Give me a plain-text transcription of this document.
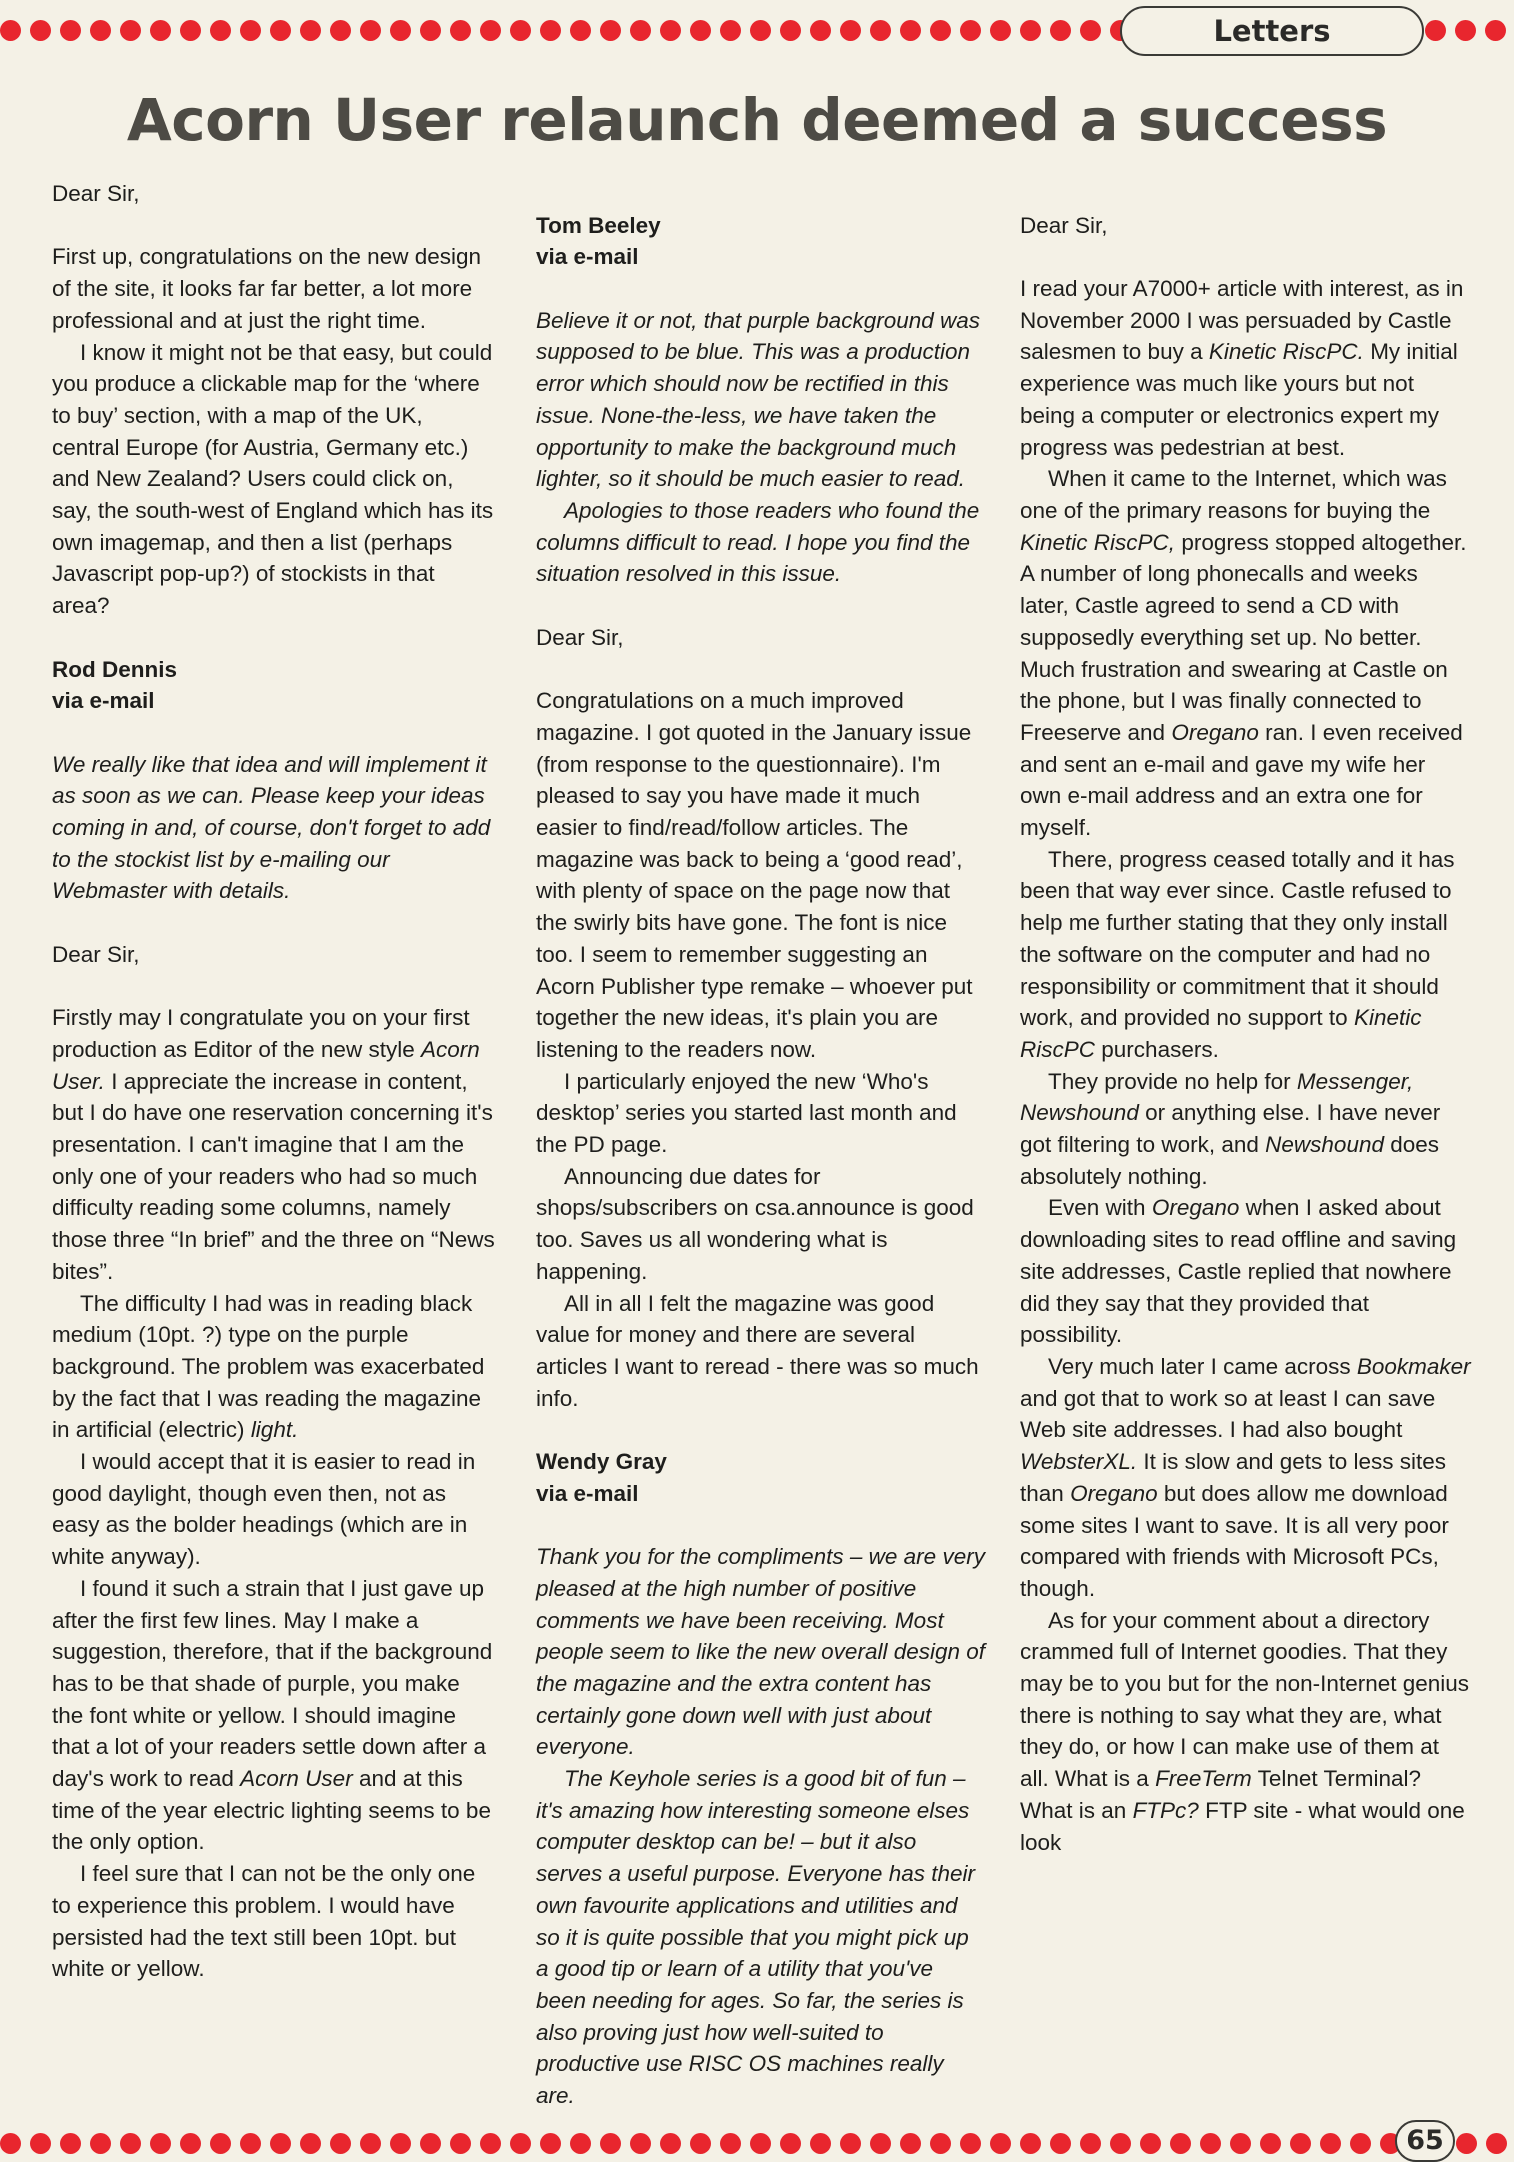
Letters
Acorn User relaunch deemed a success

Dear Sir,

First up, congratulations on the new design of the site, it looks far far better, a lot more professional and at just the right time.

I know it might not be that easy, but could you produce a clickable map for the ‘where to buy’ section, with a map of the UK, central Europe (for Austria, Germany etc.) and New Zealand? Users could click on, say, the south-west of England which has its own imagemap, and then a list (perhaps Javascript pop-up?) of stockists in that area?

Rod Dennis

via e-mail

We really like that idea and will implement it as soon as we can. Please keep your ideas coming in and, of course, don't forget to add to the stockist list by e-mailing our Webmaster with details.

Dear Sir,

Firstly may I congratulate you on your first production as Editor of the new style Acorn User. I appreciate the increase in content, but I do have one reservation concerning it's presentation. I can't imagine that I am the only one of your readers who had so much difficulty reading some columns, namely those three “In brief” and the three on “News bites”.

The difficulty I had was in reading black medium (10pt. ?) type on the purple background. The problem was exacerbated by the fact that I was reading the magazine in artificial (electric) light.

I would accept that it is easier to read in good daylight, though even then, not as easy as the bolder headings (which are in white anyway).

I found it such a strain that I just gave up after the first few lines. May I make a suggestion, therefore, that if the background has to be that shade of purple, you make the font white or yellow. I should imagine that a lot of your readers settle down after a day's work to read Acorn User and at this time of the year electric lighting seems to be the only option.

I feel sure that I can not be the only one to experience this problem. I would have persisted had the text still been 10pt. but white or yellow.

Tom Beeley

via e-mail

Believe it or not, that purple background was supposed to be blue. This was a production error which should now be rectified in this issue. None-the-less, we have taken the opportunity to make the background much lighter, so it should be much easier to read.

Apologies to those readers who found the columns difficult to read. I hope you find the situation resolved in this issue.

Dear Sir,

Congratulations on a much improved magazine. I got quoted in the January issue (from response to the questionnaire). I'm pleased to say you have made it much easier to find/read/follow articles. The magazine was back to being a ‘good read’, with plenty of space on the page now that the swirly bits have gone. The font is nice too. I seem to remember suggesting an Acorn Publisher type remake – whoever put together the new ideas, it's plain you are listening to the readers now.

I particularly enjoyed the new ‘Who's desktop’ series you started last month and the PD page.

Announcing due dates for shops/subscribers on csa.announce is good too. Saves us all wondering what is happening.

All in all I felt the magazine was good value for money and there are several articles I want to reread - there was so much info.

Wendy Gray

via e-mail

Thank you for the compliments – we are very pleased at the high number of positive comments we have been receiving. Most people seem to like the new overall design of the magazine and the extra content has certainly gone down well with just about everyone.

The Keyhole series is a good bit of fun – it's amazing how interesting someone elses computer desktop can be! – but it also serves a useful purpose. Everyone has their own favourite applications and utilities and so it is quite possible that you might pick up a good tip or learn of a utility that you've been needing for ages. So far, the series is also proving just how well-suited to productive use RISC OS machines really are.

Dear Sir,

I read your A7000+ article with interest, as in November 2000 I was persuaded by Castle salesmen to buy a Kinetic RiscPC. My initial experience was much like yours but not being a computer or electronics expert my progress was pedestrian at best.

When it came to the Internet, which was one of the primary reasons for buying the Kinetic RiscPC, progress stopped altogether. A number of long phonecalls and weeks later, Castle agreed to send a CD with supposedly everything set up. No better. Much frustration and swearing at Castle on the phone, but I was finally connected to Freeserve and Oregano ran. I even received and sent an e-mail and gave my wife her own e-mail address and an extra one for myself.

There, progress ceased totally and it has been that way ever since. Castle refused to help me further stating that they only install the software on the computer and had no responsibility or commitment that it should work, and provided no support to Kinetic RiscPC purchasers.

They provide no help for Messenger, Newshound or anything else. I have never got filtering to work, and Newshound does absolutely nothing.

Even with Oregano when I asked about downloading sites to read offline and saving site addresses, Castle replied that nowhere did they say that they provided that possibility.

Very much later I came across Bookmaker and got that to work so at least I can save Web site addresses. I had also bought WebsterXL. It is slow and gets to less sites than Oregano but does allow me download some sites I want to save. It is all very poor compared with friends with Microsoft PCs, though.

As for your comment about a directory crammed full of Internet goodies. That they may be to you but for the non-Internet genius there is nothing to say what they are, what they do, or how I can make use of them at all. What is a FreeTerm Telnet Terminal? What is an FTPc? FTP site - what would one look

65
